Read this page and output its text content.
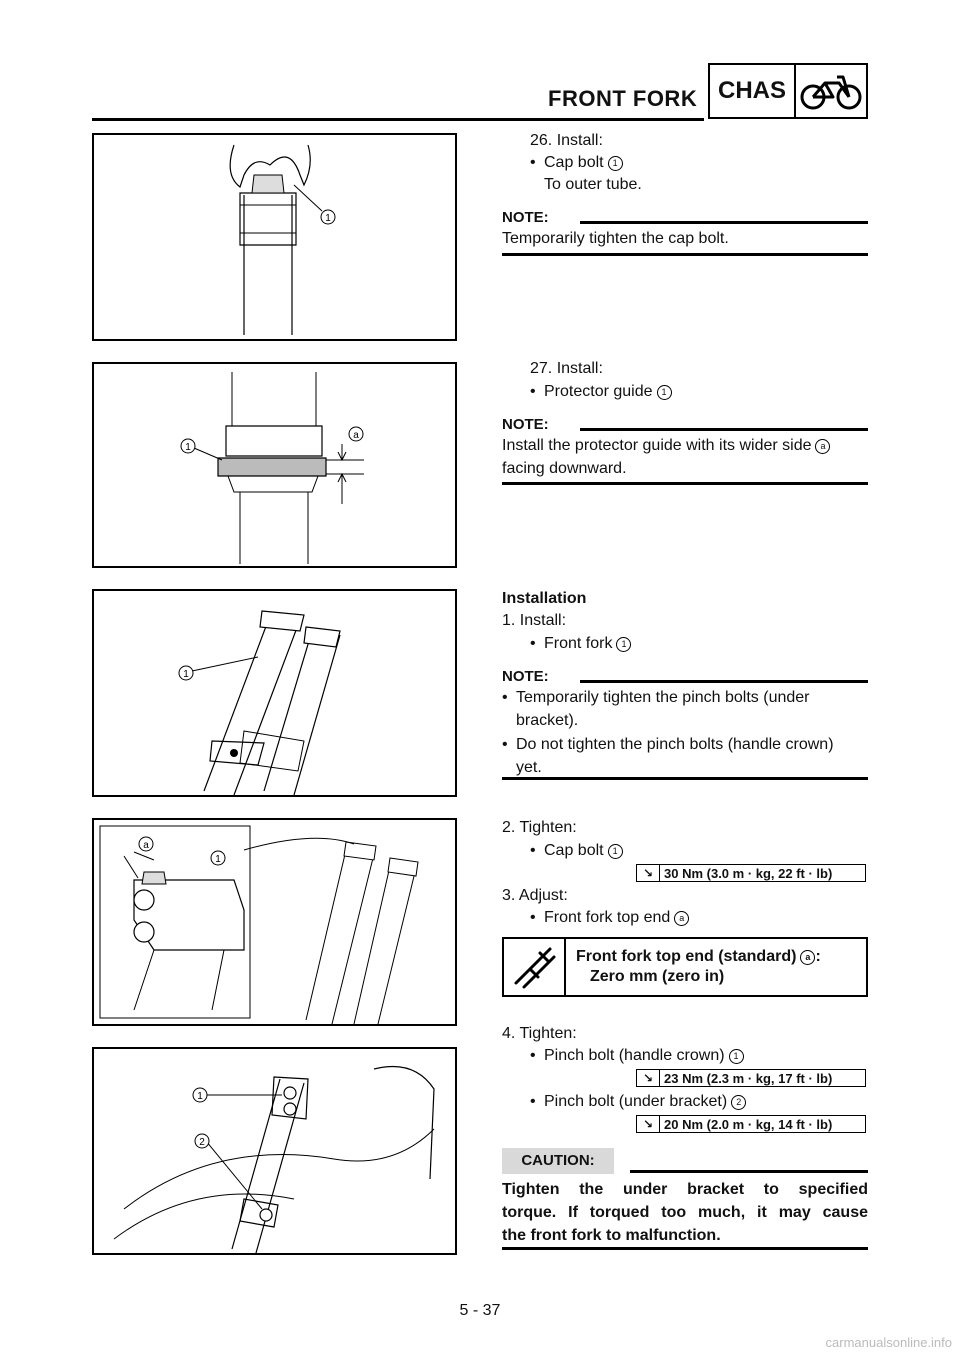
FRONT FORK CHAS
1
1
a
1
a
1
1
2
26. Install:
• Cap bolt 1
To outer tube.
NOTE:
Temporarily tighten the cap bolt.
27. Install:
• Protector guide 1
NOTE:
Install the protector guide with its wider side a
facing downward.
Installation
1. Install:
• Front fork 1
NOTE:
• Temporarily tighten the pinch bolts (under
bracket).
• Do not tighten the pinch bolts (handle crown)
yet.
2. Tighten:
• Cap bolt 1
↘ 30 Nm (3.0 m · kg, 22 ft · lb)
3. Adjust:
• Front fork top end a
Front fork top end (standard) a :
Zero mm (zero in)
4. Tighten:
• Pinch bolt (handle crown) 1
↘ 23 Nm (2.3 m · kg, 17 ft · lb)
• Pinch bolt (under bracket) 2
↘ 20 Nm (2.0 m · kg, 14 ft · lb)
CAUTION:
Tighten the under bracket to specified
torque. If torqued too much, it may cause
the front fork to malfunction.
5 - 37
carmanualsonline.info
